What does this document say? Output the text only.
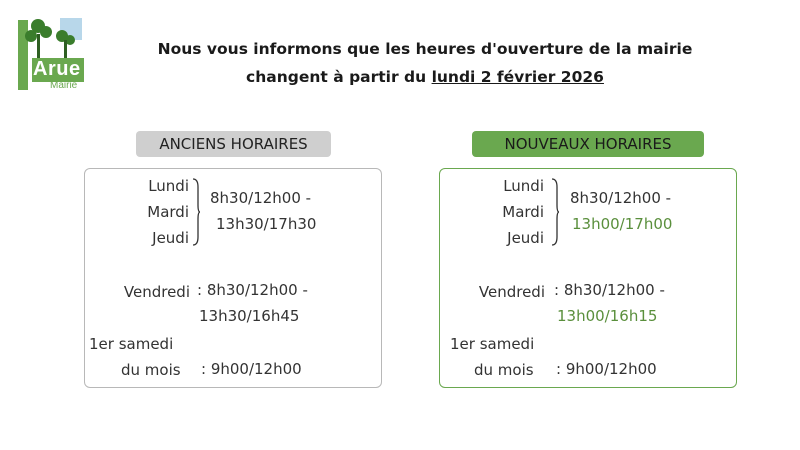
Arue
Mairie
Nous vous informons que les heures d'ouverture de la mairie
changent à partir du lundi 2 février 2026
ANCIENS HORAIRES
Lundi
Mardi
Jeudi
8h30/12h00 -
13h30/17h30
Vendredi : 8h30/12h00 -
13h30/16h45
1er samedi
du mois : 9h00/12h00
NOUVEAUX HORAIRES
Lundi
Mardi
Jeudi
8h30/12h00 -
13h00/17h00
Vendredi : 8h30/12h00 -
13h00/16h15
1er samedi
du mois : 9h00/12h00
